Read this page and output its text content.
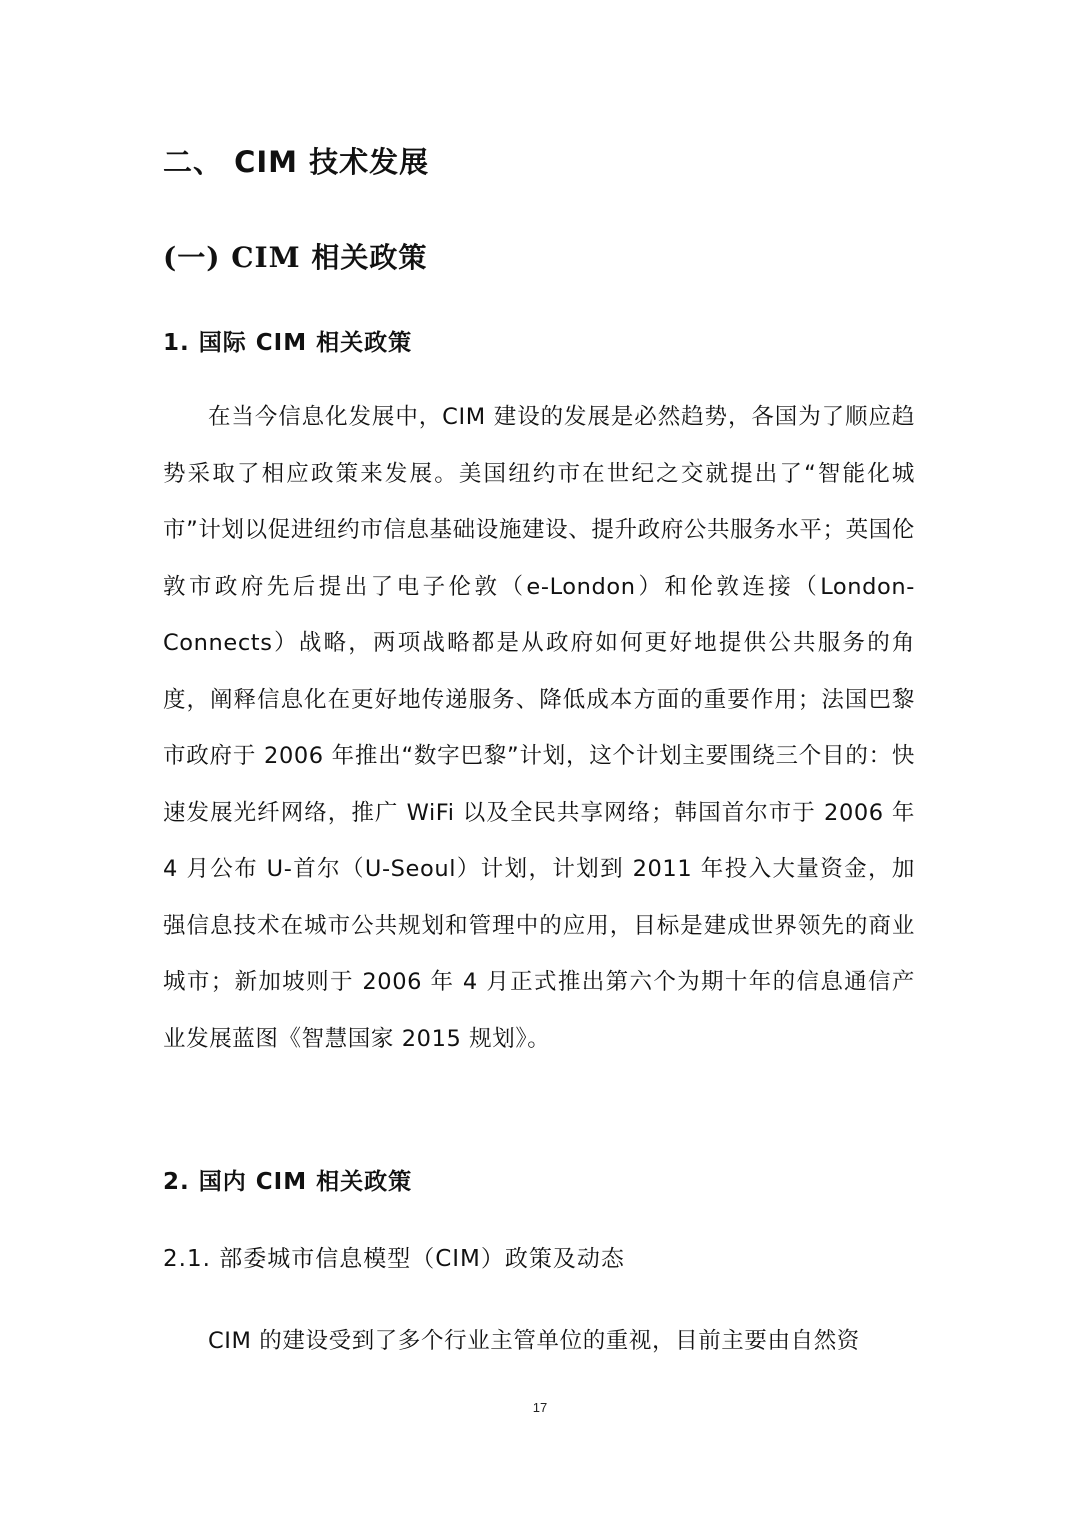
二、 CIM 技术发展
(一) CIM 相关政策
1. 国际 CIM 相关政策

在当今信息化发展中，CIM 建设的发展是必然趋势，各国为了顺应趋势采取了相应政策来发展。美国纽约市在世纪之交就提出了“智能化城市”计划以促进纽约市信息基础设施建设、提升政府公共服务水平；英国伦敦市政府先后提出了电子伦敦（e-London）和伦敦连接（London-Connects）战略，两项战略都是从政府如何更好地提供公共服务的角度，阐释信息化在更好地传递服务、降低成本方面的重要作用；法国巴黎市政府于 2006 年推出“数字巴黎”计划，这个计划主要围绕三个目的：快速发展光纤网络，推广 WiFi 以及全民共享网络；韩国首尔市于 2006 年 4 月公布 U-首尔（U-Seoul）计划，计划到 2011 年投入大量资金，加强信息技术在城市公共规划和管理中的应用，目标是建成世界领先的商业城市；新加坡则于 2006 年 4 月正式推出第六个为期十年的信息通信产业发展蓝图《智慧国家 2015 规划》。

2. 国内 CIM 相关政策
2.1. 部委城市信息模型（CIM）政策及动态

CIM 的建设受到了多个行业主管单位的重视，目前主要由自然资

17
